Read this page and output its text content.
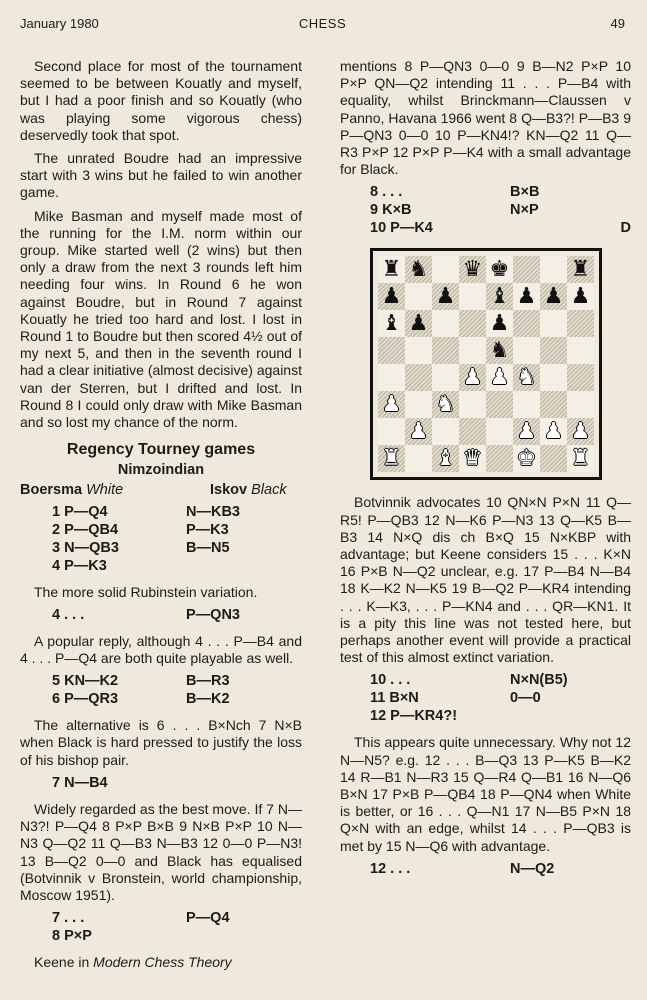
January 1980	CHESS	49

Second place for most of the tournament seemed to be between Kouatly and myself, but I had a poor finish and so Kouatly (who was playing some vigorous chess) deservedly took that spot.

The unrated Boudre had an impressive start with 3 wins but he failed to win another game.

Mike Basman and myself made most of the running for the I.M. norm within our group. Mike started well (2 wins) but then only a draw from the next 3 rounds left him needing four wins. In Round 6 he won against Boudre, but in Round 7 against Kouatly he tried too hard and lost. I lost in Round 1 to Boudre but then scored 4½ out of my next 5, and then in the seventh round I had a clear initiative (almost decisive) against van der Sterren, but I drifted and lost. In Round 8 I could only draw with Mike Basman and so lost my chance of the norm.

Regency Tourney games
Nimzoindian
Boersma White	Iskov Black
1 P—Q4	N—KB3
2 P—QB4	P—K3
3 N—QB3	B—N5
4 P—K3

The more solid Rubinstein variation.

4 . . .	P—QN3

A popular reply, although 4 . . . P—B4 and 4 . . . P—Q4 are both quite playable as well.

5 KN—K2	B—R3
6 P—QR3	B—K2

The alternative is 6 . . . B×Nch 7 N×B when Black is hard pressed to justify the loss of his bishop pair.

7 N—B4

Widely regarded as the best move. If 7 N—N3?! P—Q4 8 P×P B×B 9 N×B P×P 10 N—N3 Q—Q2 11 Q—B3 N—B3 12 0—0 P—N3! 13 B—Q2 0—0 and Black has equalised (Botvinnik v Bronstein, world championship, Moscow 1951).

7 . . .	P—Q4
8 P×P

Keene in Modern Chess Theory

mentions 8 P—QN3 0—0 9 B—N2 P×P 10 P×P QN—Q2 intending 11 . . . P—B4 with equality, whilst Brinckmann—Claussen v Panno, Havana 1966 went 8 Q—B3?! P—B3 9 P—QN3 0—0 10 P—KN4!? KN—Q2 11 Q—R3 P×P 12 P×P P—K4 with a small advantage for Black.

8 . . .	B×B
9 K×B	N×P
10 P—K4	D
♜ ♞ ♛ ♚	♜
♟ ♟ ♝ ♟ ♟ ♟
♝ ♟	♟
♞
♟ ♟ ♞
♟ ♞
♟	♟ ♟ ♟
♜ ♝ ♛ ♚ ♜

Botvinnik advocates 10 QN×N P×N 11 Q—R5! P—QB3 12 N—K6 P—N3 13 Q—K5 B—B3 14 N×Q dis ch B×Q 15 N×KBP with advantage; but Keene considers 15 . . . K×N 16 P×B N—Q2 unclear, e.g. 17 P—B4 N—B4 18 K—K2 N—K5 19 B—Q2 P—KR4 intending . . . K—K3, . . . P—KN4 and . . . QR—KN1. It is a pity this line was not tested here, but perhaps another event will provide a practical test of this almost extinct variation.

10 . . .	N×N(B5)
11 B×N	0—0
12 P—KR4?!

This appears quite unnecessary. Why not 12 N—N5? e.g. 12 . . . B—Q3 13 P—K5 B—K2 14 R—B1 N—R3 15 Q—R4 Q—B1 16 N—Q6 B×N 17 P×B P—QB4 18 P—QN4 when White is better, or 16 . . . Q—N1 17 N—B5 P×N 18 Q×N with an edge, whilst 14 . . . P—QB3 is met by 15 N—Q6 with advantage.

12 . . .	N—Q2
